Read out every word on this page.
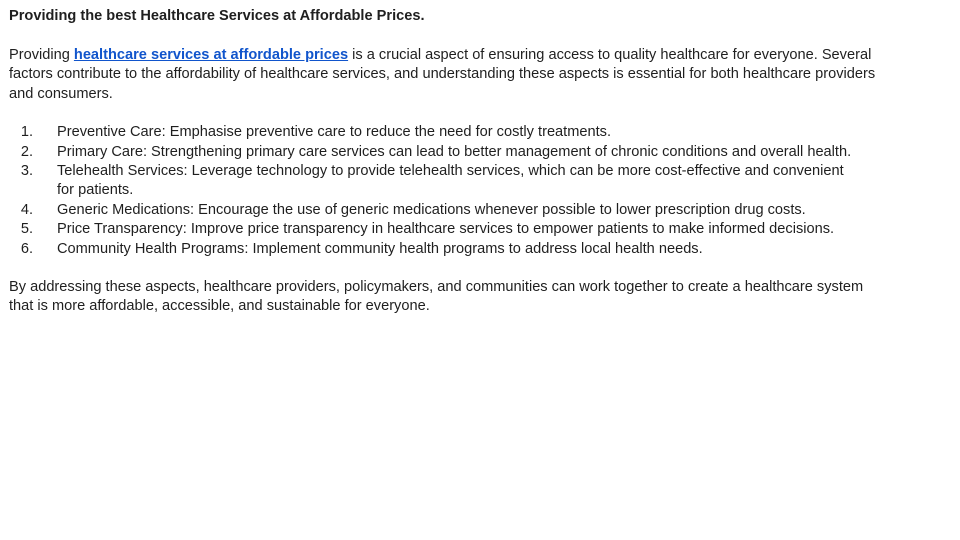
Providing the best Healthcare Services at Affordable Prices.

Providing healthcare services at affordable prices is a crucial aspect of ensuring access to quality healthcare for everyone. Several factors contribute to the affordability of healthcare services, and understanding these aspects is essential for both healthcare providers and consumers.

1. Preventive Care: Emphasise preventive care to reduce the need for costly treatments.
2. Primary Care: Strengthening primary care services can lead to better management of chronic conditions and overall health.
3. Telehealth Services: Leverage technology to provide telehealth services, which can be more cost-effective and convenient for patients.
4. Generic Medications: Encourage the use of generic medications whenever possible to lower prescription drug costs.
5. Price Transparency: Improve price transparency in healthcare services to empower patients to make informed decisions.
6. Community Health Programs: Implement community health programs to address local health needs.

By addressing these aspects, healthcare providers, policymakers, and communities can work together to create a healthcare system that is more affordable, accessible, and sustainable for everyone.
